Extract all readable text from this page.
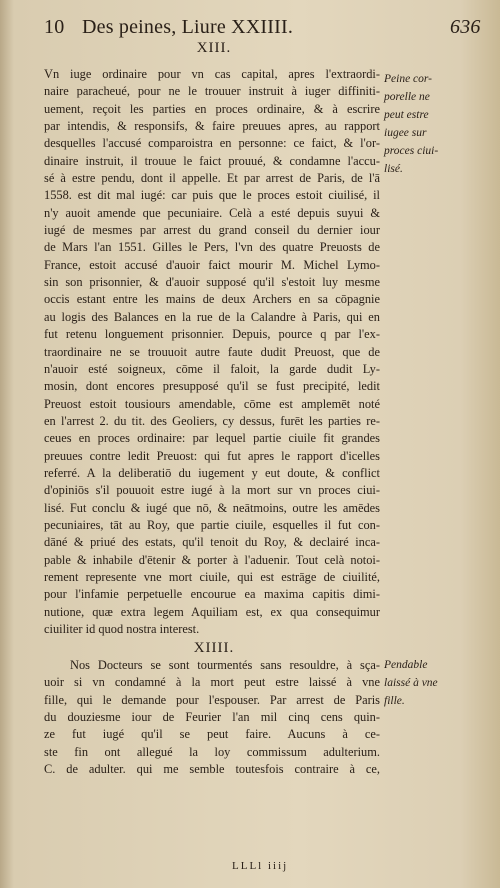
10 Des peines, Liure XXIIII.	636
XIII.
Vn iuge ordinaire pour vn cas capital, apres l'extraordi-
naire paracheué, pour ne le trouuer instruit à iuger diffiniti-
uement, reçoit les parties en proces ordinaire, & à escrire
par intendis, & responsifs, & faire preuues apres, au rapport
desquelles l'accusé comparoistra en personne: ce faict, & l'or-
dinaire instruit, il trouue le faict prouué, & condamne l'accu-
sé à estre pendu, dont il appelle. Et par arrest de Paris, de l'ā
1558. est dit mal iugé: car puis que le proces estoit ciuilisé, il
n'y auoit amende que pecuniaire. Celà a esté depuis suyui &
iugé de mesmes par arrest du grand conseil du dernier iour
de Mars l'an 1551. Gilles le Pers, l'vn des quatre Preuosts de
France, estoit accusé d'auoir faict mourir M. Michel Lymo-
sin son prisonnier, & d'auoir supposé qu'il s'estoit luy mesme
occis estant entre les mains de deux Archers en sa cōpagnie
au logis des Balances en la rue de la Calandre à Paris, qui en
fut retenu longuement prisonnier. Depuis, pource q par l'ex-
traordinaire ne se trouuoit autre faute dudit Preuost, que de
n'auoir esté soigneux, cōme il faloit, la garde dudit Ly-
mosin, dont encores presupposé qu'il se fust precipité, ledit
Preuost estoit tousiours amendable, cōme est amplemēt noté
en l'arrest 2. du tit. des Geoliers, cy dessus, furēt les parties re-
ceues en proces ordinaire: par lequel partie ciuile fit grandes
preuues contre ledit Preuost: qui fut apres le rapport d'icelles
referré. A la deliberatiō du iugement y eut doute, & conflict
d'opiniōs s'il pouuoit estre iugé à la mort sur vn proces ciui-
lisé. Fut conclu & iugé que nō, & neātmoins, outre les amēdes
pecuniaires, tāt au Roy, que partie ciuile, esquelles il fut con-
dāné & priué des estats, qu'il tenoit du Roy, & declairé inca-
pable & inhabile d'ētenir & porter à l'aduenir. Tout celà notoi-
rement represente vne mort ciuile, qui est estrāge de ciuilité,
pour l'infamie perpetuelle encourue ea maxima capitis dimi-
nutione, quæ extra legem Aquiliam est, ex qua consequimur
ciuiliter id quod nostra interest.
Peine cor-
porelle ne
peut estre
iugee sur
proces ciui-
lisé.
XIIII.
Nos Docteurs se sont tourmentés sans resouldre, à sça-
uoir si vn condamné à la mort peut estre laissé à vne
fille, qui le demande pour l'espouser. Par arrest de Paris
du douziesme iour de Feurier l'an mil cinq cens quin-
ze fut iugé qu'il se peut faire. Aucuns à ce-
ste fin ont allegué la loy commissum adulterium.
C. de adulter. qui me semble toutesfois contraire à ce,
Pendable
laissé à vne
fille.
LLLl iiij
